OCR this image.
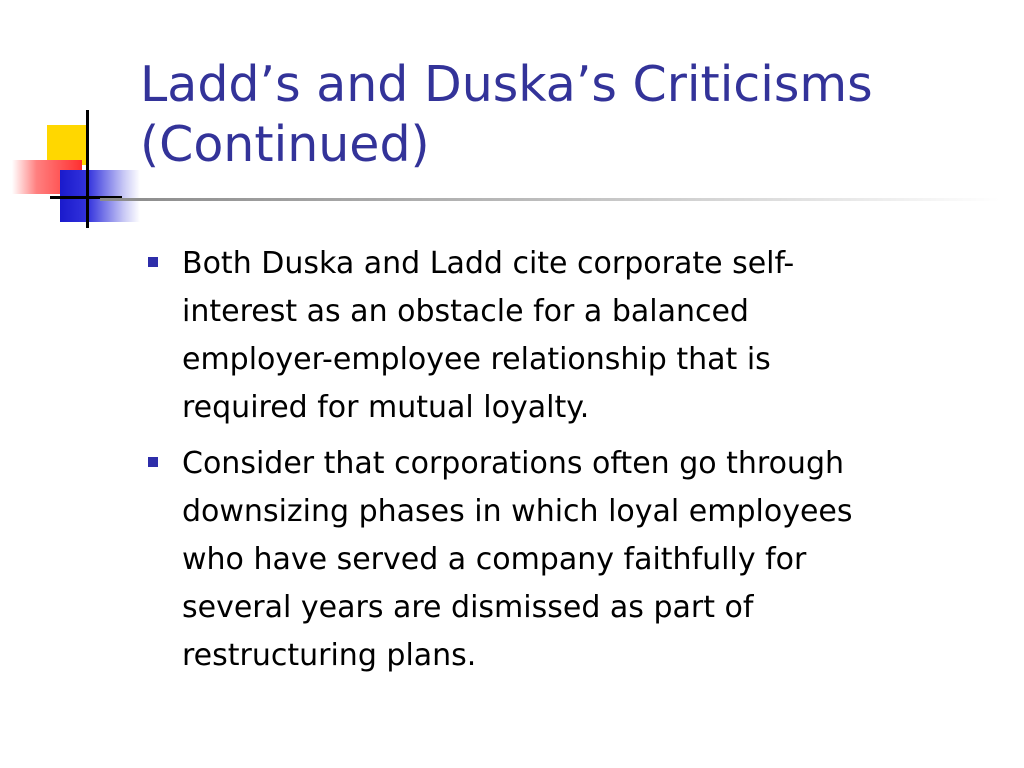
Ladd’s and Duska’s Criticisms
(Continued)
Both Duska and Ladd cite corporate self-
interest as an obstacle for a balanced
employer-employee relationship that is
required for mutual loyalty.
Consider that corporations often go through
downsizing phases in which loyal employees
who have served a company faithfully for
several years are dismissed as part of
restructuring plans.
